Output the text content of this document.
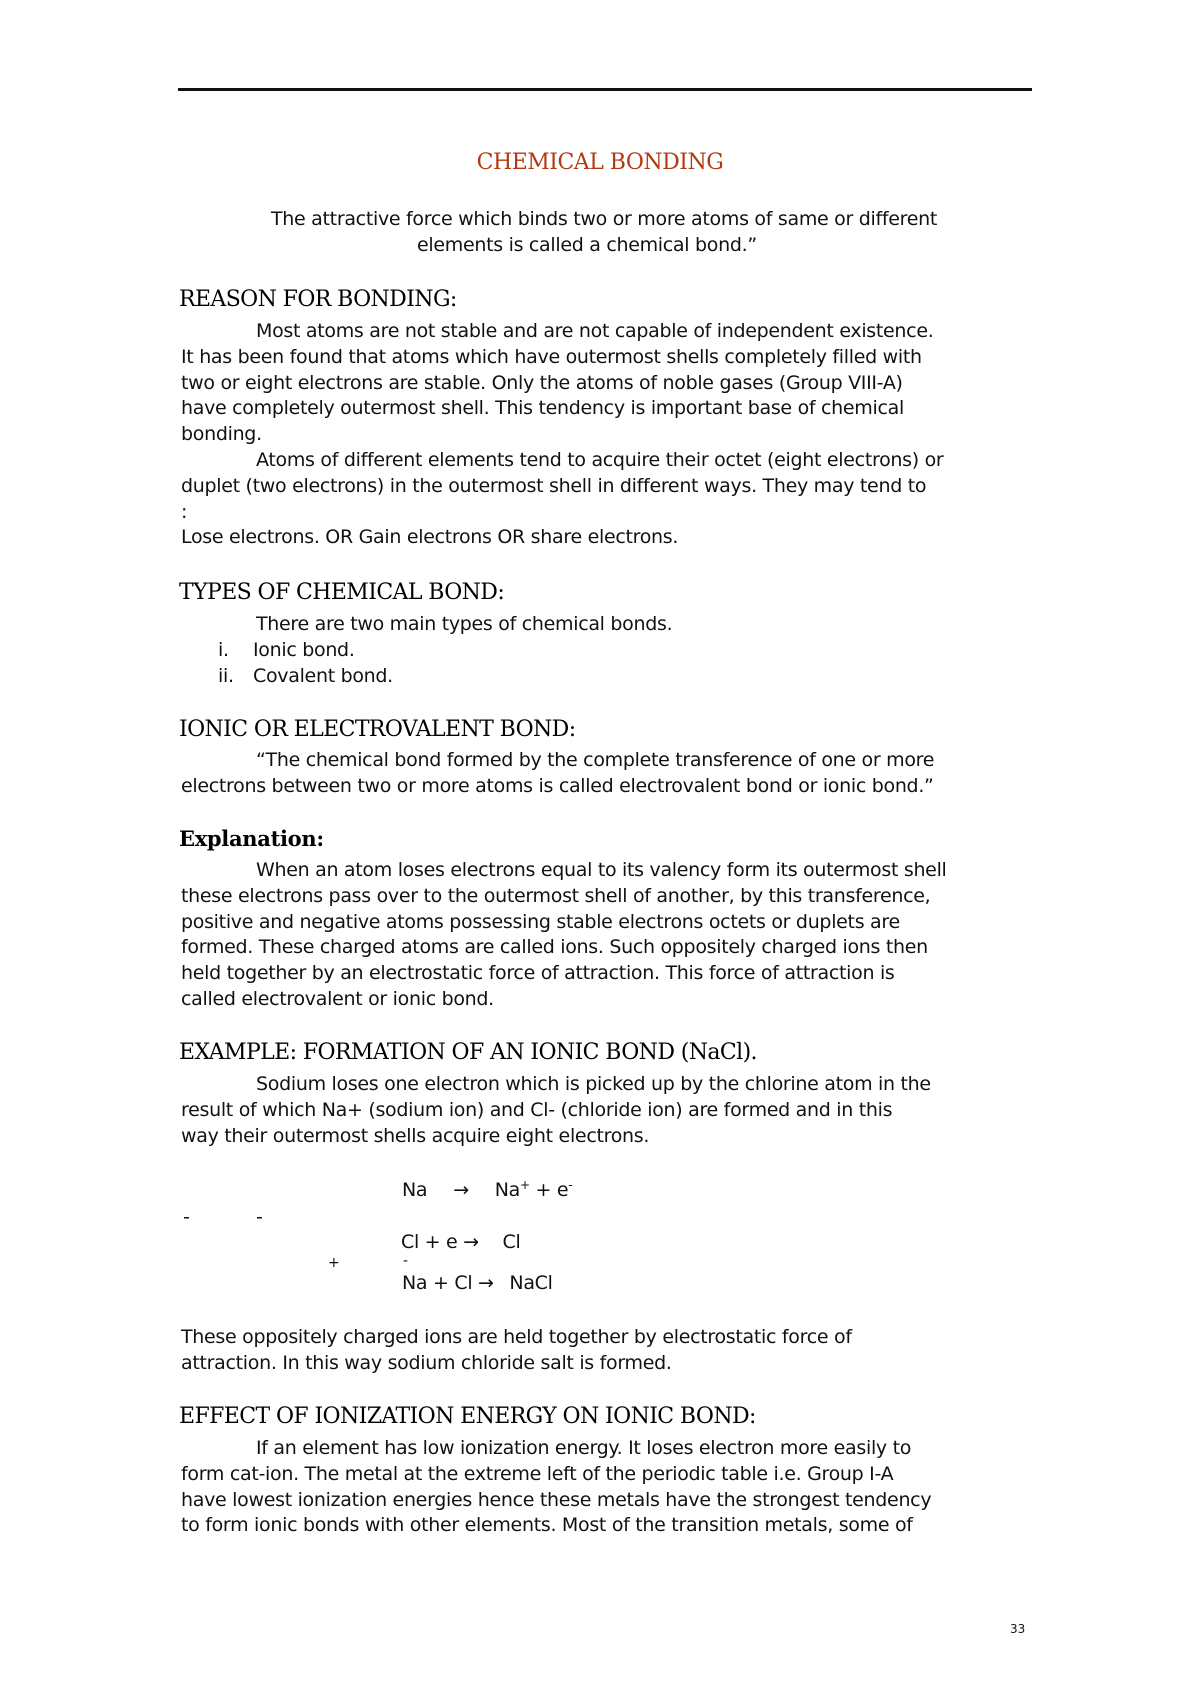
CHEMICAL BONDING
The attractive force which binds two or more atoms of same or different
elements is called a chemical bond.”
REASON FOR BONDING:
Most atoms are not stable and are not capable of independent existence.
It has been found that atoms which have outermost shells completely filled with
two or eight electrons are stable. Only the atoms of noble gases (Group VIII-A)
have completely outermost shell. This tendency is important base of chemical
bonding.
Atoms of different elements tend to acquire their octet (eight electrons) or
duplet (two electrons) in the outermost shell in different ways. They may tend to
:
Lose electrons. OR Gain electrons OR share electrons.
TYPES OF CHEMICAL BOND:
There are two main types of chemical bonds.
i. Ionic bond.
ii. Covalent bond.
IONIC OR ELECTROVALENT BOND:
“The chemical bond formed by the complete transference of one or more
electrons between two or more atoms is called electrovalent bond or ionic bond.”
Explanation:
When an atom loses electrons equal to its valency form its outermost shell
these electrons pass over to the outermost shell of another, by this transference,
positive and negative atoms possessing stable electrons octets or duplets are
formed. These charged atoms are called ions. Such oppositely charged ions then
held together by an electrostatic force of attraction. This force of attraction is
called electrovalent or ionic bond.
EXAMPLE: FORMATION OF AN IONIC BOND (NaCl).
Sodium loses one electron which is picked up by the chlorine atom in the
result of which Na+ (sodium ion) and Cl- (chloride ion) are formed and in this
way their outermost shells acquire eight electrons.
Na → Na+ + e-
-	-
Cl + e → Cl
+	-
Na + Cl → NaCl
These oppositely charged ions are held together by electrostatic force of
attraction. In this way sodium chloride salt is formed.
EFFECT OF IONIZATION ENERGY ON IONIC BOND:
If an element has low ionization energy. It loses electron more easily to
form cat-ion. The metal at the extreme left of the periodic table i.e. Group I-A
have lowest ionization energies hence these metals have the strongest tendency
to form ionic bonds with other elements. Most of the transition metals, some of
33
